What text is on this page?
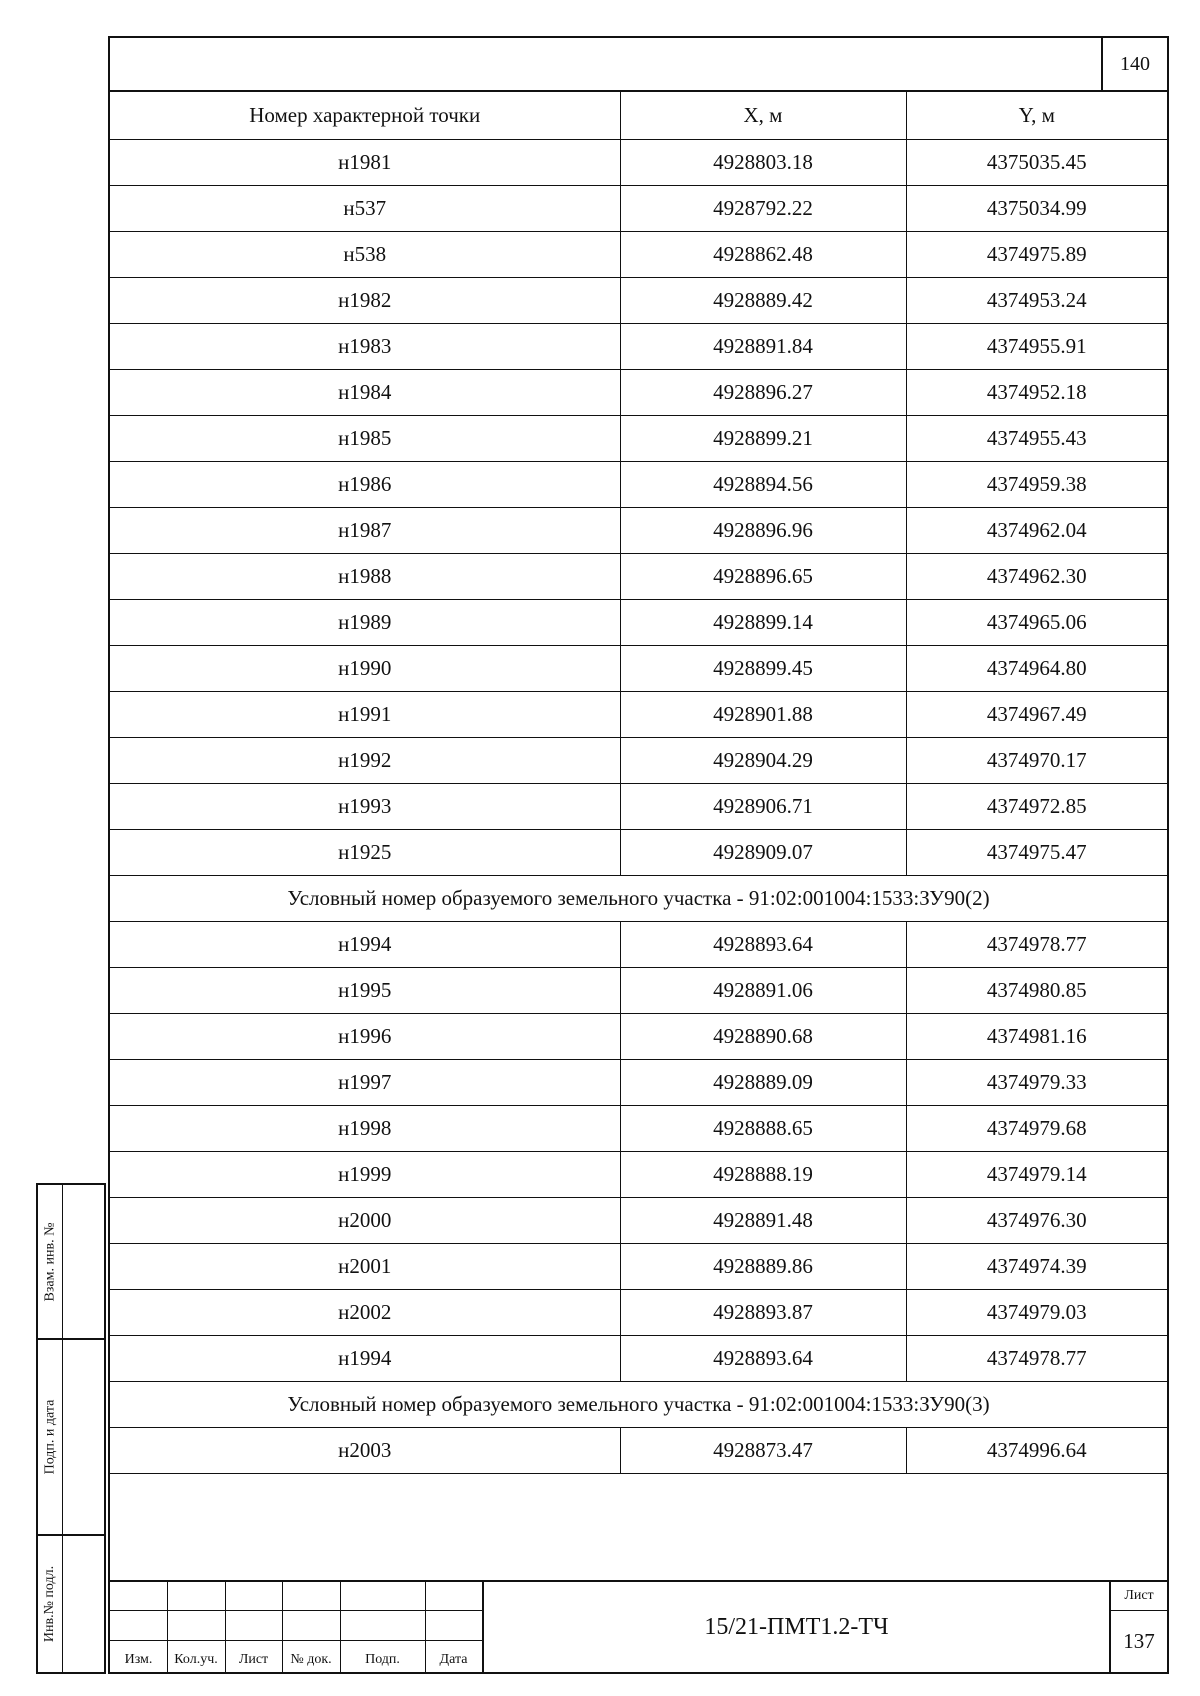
140
Номер характерной точки	X, м	Y, м
н1981	4928803.18	4375035.45
н537	4928792.22	4375034.99
н538	4928862.48	4374975.89
н1982	4928889.42	4374953.24
н1983	4928891.84	4374955.91
н1984	4928896.27	4374952.18
н1985	4928899.21	4374955.43
н1986	4928894.56	4374959.38
н1987	4928896.96	4374962.04
н1988	4928896.65	4374962.30
н1989	4928899.14	4374965.06
н1990	4928899.45	4374964.80
н1991	4928901.88	4374967.49
н1992	4928904.29	4374970.17
н1993	4928906.71	4374972.85
н1925	4928909.07	4374975.47
Условный номер образуемого земельного участка - 91:02:001004:1533:ЗУ90(2)		
н1994	4928893.64	4374978.77
н1995	4928891.06	4374980.85
н1996	4928890.68	4374981.16
н1997	4928889.09	4374979.33
н1998	4928888.65	4374979.68
н1999	4928888.19	4374979.14
н2000	4928891.48	4374976.30
н2001	4928889.86	4374974.39
н2002	4928893.87	4374979.03
н1994	4928893.64	4374978.77
Условный номер образуемого земельного участка - 91:02:001004:1533:ЗУ90(3)		
н2003	4928873.47	4374996.64
Изм.	Кол.уч.	Лист	№ док.	Подп.	Дата
15/21-ПМТ1.2-ТЧ
Лист
137
Взам. инв. №
Подп. и дата
Инв.№ подл.
